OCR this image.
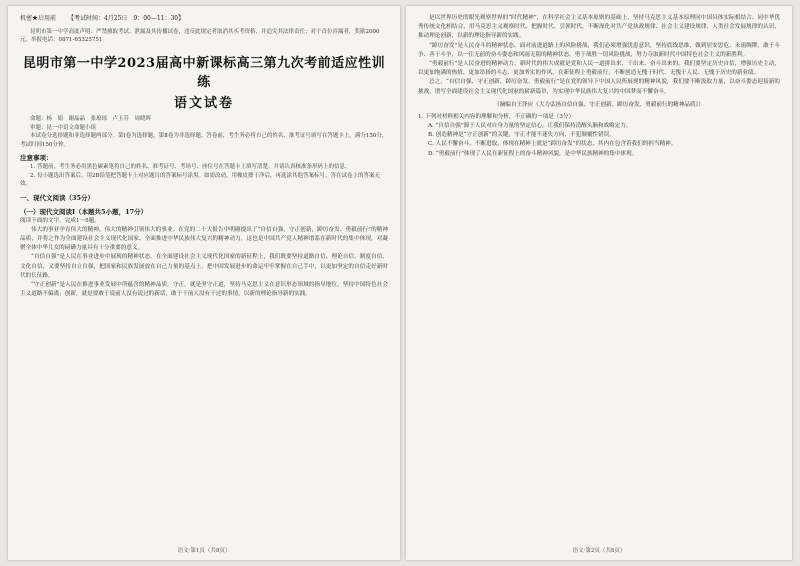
机密★启用前 【考试时间：4月25日　9：00—11：30】
昆明市第一中学高度声明：严禁擅取考试、泄漏及其传播试卷，违反此规定者取消其买考资格，并追究其法律责任；对于首位涉漏者，奖励2000元。举报电话：0871-65325751
昆明市第一中学2023届高中新课标高三第九次考前适应性训练
语文试卷

命题：杨　娟　谢晶晶　张琼琼　卢玉芬　周晓晖

审题：昆一中语文命题小组

本试卷分选择题和非选择题两部分。第Ⅰ卷为选择题，第Ⅱ卷为非选择题。答卷前，考生务必将自己的姓名、准考证号填写在答题卡上。满分150分，考试时间150分钟。

注意事项：

1. 答题前，考生务必用黑色碳素笔将自己的姓名、准考证号、考场号、座位号在答题卡上填写清楚，并请认真核准条形码上的信息。

2. 每小题选出答案后，用2B铅笔把答题卡上对应题目的答案标号涂黑。如需改动，用橡皮擦干净后，再选涂其他答案标号。答在试卷上的答案无效。

一、现代文阅读（35分）
（一）现代文阅读Ⅰ（本题共5小题，17分）

阅读下面的文字，完成1～5题。

伟大的事业孕育伟大的精神，伟大的精神引领伟大的事业。在党的二十大报告中明确提出了“自信自强、守正创新，踔厉奋发、勇毅前行”的精神品质，并将之作为全面建设社会主义现代化国家、全面推进中华民族伟大复兴的精神动力，这也是中国共产党人精神谱系在新时代的集中体现，对凝聚全体中华儿女的磅礴力量具有十分重要的意义。

“自信自强”是人民在事业进步中展现的精神状态。在全面建设社会主义现代化国家的新征程上，我们既要坚持道路自信、理论自信、制度自信、文化自信，又要坚持自立自强，把国家和民族发展放在自己力量的基点上，把中国发展进步的命运牢牢掌握在自己手中，以更加坚定的自信走好新时代的长征路。

“守正创新”是人民在推进事业发展中所蕴含的精神品质。守正，就是坚守正道，坚持马克思主义在意识形态领域的指导地位，坚持中国特色社会主义道路不偏离；创新，就是要敢于说前人没有说过的新话，敢于干前人没有干过的事情，以新的理论指导新的实践。

语文·第1页（共8页）

是以世界历史的眼光观察世界的“时代精神”，在科学社会主义基本原则的基础上，坚持马克思主义基本原理同中国具体实际相结合、同中华优秀传统文化相结合，用马克思主义观察时代、把握时代、引领时代，不断深化对共产党执政规律、社会主义建设规律、人类社会发展规律的认识，推动理论创新，以新的理论指导新的实践。

“踔厉奋发”是人民奋斗的精神状态。面对前进道路上的风险挑战，我们必须增强忧患意识，坚持底线思维，做到居安思危、未雨绸缪，敢于斗争、善于斗争，以一往无前的奋斗姿态和风雨无阻的精神状态，勇于战胜一切风险挑战，努力夺取新时代中国特色社会主义的新胜利。

“勇毅前行”是人民奋进的精神动力。新时代的伟大成就是党和人民一道拼出来、干出来、奋斗出来的。我们要坚定历史自信，增强历史主动，以更加饱满的热情、更加昂扬的斗志、更加务实的作风，在新征程上勇毅前行，不断创造无愧于时代、无愧于人民、无愧于历史的新业绩。

总之，“自信自强、守正创新，踔厉奋发、勇毅前行”是在党的领导下中国人民所展现的精神风貌，我们要不断汲取力量，以奋斗姿态迎接新的挑战，谱写全面建设社会主义现代化国家的崭新篇章，为实现中华民族伟大复兴的中国梦而不懈奋斗。

（摘编自王泽应《大力弘扬自信自强、守正创新、踔厉奋发、勇毅前行的精神品质》）

1. 下列对材料相关内容的理解和分析，不正确的一项是（3分）

A. “自信自强”源于人民对自身力量的坚定信心，让我们保持清醒头脑和战略定力。

B. 创造精神是“守正创新”的关键，守正才能不迷失方向、不犯颠覆性错误。

C. 人民不懈奋斗、不断进取，体现在精神上就是“踔厉奋发”的状态，其内在包含着我们的担当精神。

D. “勇毅前行”体现了人民在新征程上的奋斗精神风貌，是中华民族精神的集中体现。

语文·第2页（共8页）
